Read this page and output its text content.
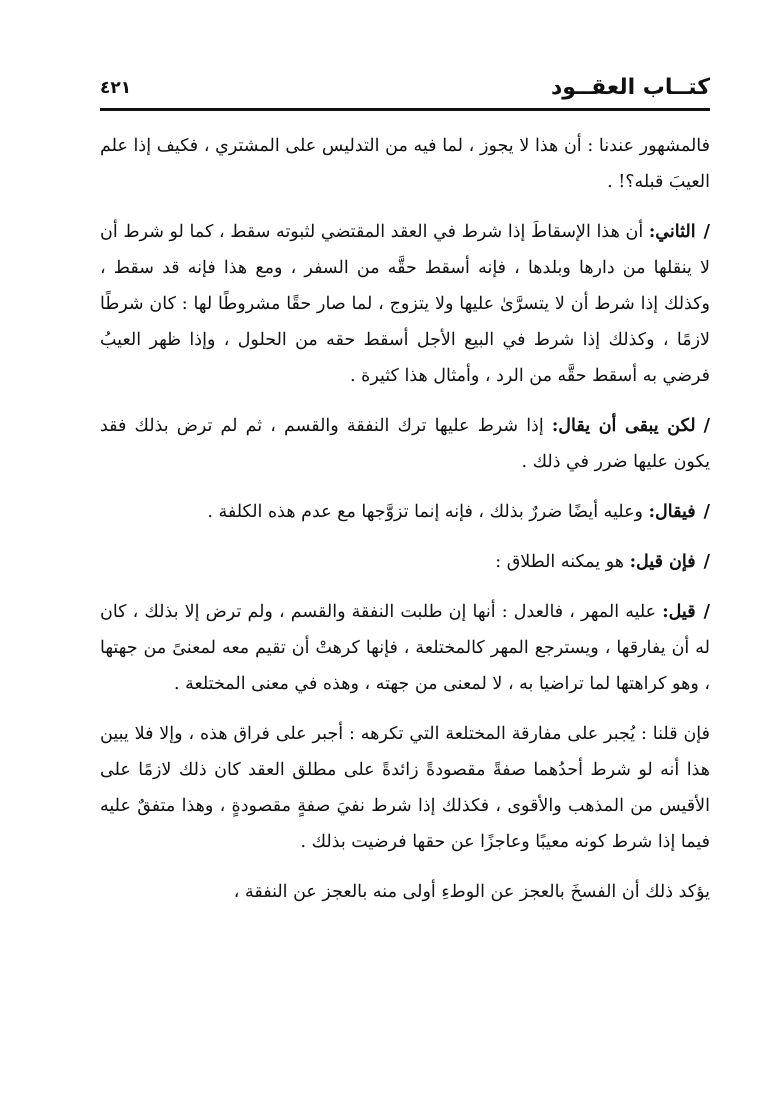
كتــاب العقــود
٤٢١

فالمشهور عندنا : أن هذا لا يجوز ، لما فيه من التدليس على المشتري ، فكيف إذا علم العيبَ قبله؟! .

/الثاني: أن هذا الإسقاطَ إذا شرط في العقد المقتضي لثبوته سقط ، كما لو شرط أن لا ينقلها من دارها وبلدها ، فإنه أسقط حقَّه من السفر ، ومع هذا فإنه قد سقط ، وكذلك إذا شرط أن لا يتسرَّىٰ عليها ولا يتزوج ، لما صار حقًا مشروطًا لها : كان شرطًا لازمًا ، وكذلك إذا شرط في البيع الأجل أسقط حقه من الحلول ، وإذا ظهر العيبُ فرضي به أسقط حقَّه من الرد ، وأمثال هذا كثيرة .

/لكن يبقى أن يقال: إذا شرط عليها ترك النفقة والقسم ، ثم لم ترض بذلك فقد يكون عليها ضرر في ذلك .

/فيقال: وعليه أيضًا ضررٌ بذلك ، فإنه إنما تزوَّجها مع عدم هذه الكلفة .

/فإن قيل: هو يمكنه الطلاق :

/قيل: عليه المهر ، فالعدل : أنها إن طلبت النفقة والقسم ، ولم ترض إلا بذلك ، كان له أن يفارقها ، ويسترجع المهر كالمختلعة ، فإنها كرهتْ أن تقيم معه لمعنىً من جهتها ، وهو كراهتها لما تراضيا به ، لا لمعنى من جهته ، وهذه في معنى المختلعة .

فإن قلنا : يُجبر على مفارقة المختلعة التي تكرهه : أجبر على فراق هذه ، وإلا فلا يبين هذا أنه لو شرط أحدُهما صفةً مقصودةً زائدةً على مطلق العقد كان ذلك لازمًا على الأقيس من المذهب والأقوى ، فكذلك إذا شرط نفيَ صفةٍ مقصودةٍ ، وهذا متفقٌ عليه فيما إذا شرط كونه معيبًا وعاجزًا عن حقها فرضيت بذلك .

يؤكد ذلك أن الفسخَ بالعجز عن الوطءِ أولى منه بالعجز عن النفقة ،
